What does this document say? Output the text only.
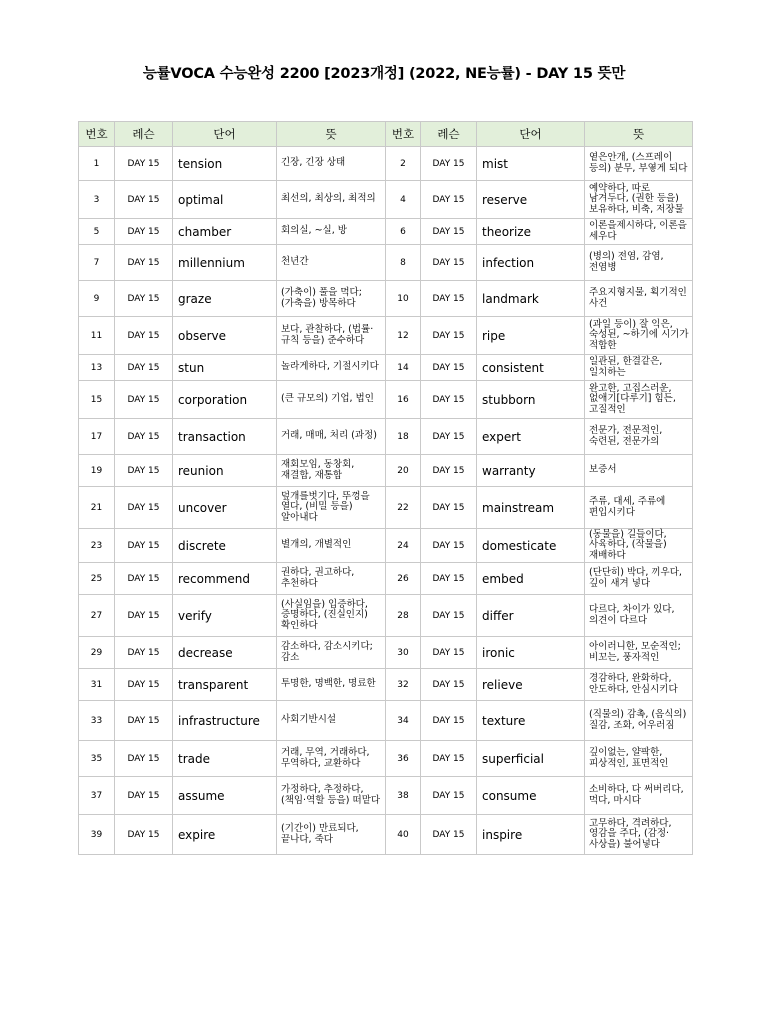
능률VOCA 수능완성 2200 [2023개정] (2022, NE능률) - DAY 15 뜻만
번호	레슨	단어	뜻	번호	레슨	단어	뜻
1	DAY 15	tension	긴장, 긴장 상태	2	DAY 15	mist	옅은안개, (스프레이 등의) 분무, 부옇게 되다
3	DAY 15	optimal	최선의, 최상의, 최적의	4	DAY 15	reserve	예약하다, 따로 남겨두다, (권한 등을) 보유하다, 비축, 저장물
5	DAY 15	chamber	회의실, ~실, 방	6	DAY 15	theorize	이론을제시하다, 이론을 세우다
7	DAY 15	millennium	천년간	8	DAY 15	infection	(병의) 전염, 감염, 전염병
9	DAY 15	graze	(가축이) 풀을 먹다; (가축을) 방목하다	10	DAY 15	landmark	주요지형지물, 획기적인 사건
11	DAY 15	observe	보다, 관찰하다, (법률·규칙 등을) 준수하다	12	DAY 15	ripe	(과일 등이) 잘 익은, 숙성된, ~하기에 시기가 적합한
13	DAY 15	stun	놀라게하다, 기절시키다	14	DAY 15	consistent	일관된, 한결같은, 일치하는
15	DAY 15	corporation	(큰 규모의) 기업, 법인	16	DAY 15	stubborn	완고한, 고집스러운, 없애기[다루기] 힘든, 고질적인
17	DAY 15	transaction	거래, 매매, 처리 (과정)	18	DAY 15	expert	전문가, 전문적인, 숙련된, 전문가의
19	DAY 15	reunion	재회모임, 동창회, 재결합, 재통합	20	DAY 15	warranty	보증서
21	DAY 15	uncover	덮개를벗기다, 뚜껑을 열다, (비밀 등을) 알아내다	22	DAY 15	mainstream	주류, 대세, 주류에 편입시키다
23	DAY 15	discrete	별개의, 개별적인	24	DAY 15	domesticate	(동물을) 길들이다, 사육하다, (작물을) 재배하다
25	DAY 15	recommend	권하다, 권고하다, 추천하다	26	DAY 15	embed	(단단히) 박다, 끼우다, 깊이 새겨 넣다
27	DAY 15	verify	(사실임을) 입증하다, 증명하다, (진실인지) 확인하다	28	DAY 15	differ	다르다, 차이가 있다, 의견이 다르다
29	DAY 15	decrease	감소하다, 감소시키다; 감소	30	DAY 15	ironic	아이러니한, 모순적인; 비꼬는, 풍자적인
31	DAY 15	transparent	투명한, 명백한, 명료한	32	DAY 15	relieve	경감하다, 완화하다, 안도하다, 안심시키다
33	DAY 15	infrastructure	사회기반시설	34	DAY 15	texture	(직물의) 감촉, (음식의) 질감, 조화, 어우러짐
35	DAY 15	trade	거래, 무역, 거래하다, 무역하다, 교환하다	36	DAY 15	superficial	깊이없는, 얄팍한, 피상적인, 표면적인
37	DAY 15	assume	가정하다, 추정하다, (책임·역할 등을) 떠맡다	38	DAY 15	consume	소비하다, 다 써버리다, 먹다, 마시다
39	DAY 15	expire	(기간이) 만료되다, 끝나다, 죽다	40	DAY 15	inspire	고무하다, 격려하다, 영감을 주다, (감정·사상을) 불어넣다
